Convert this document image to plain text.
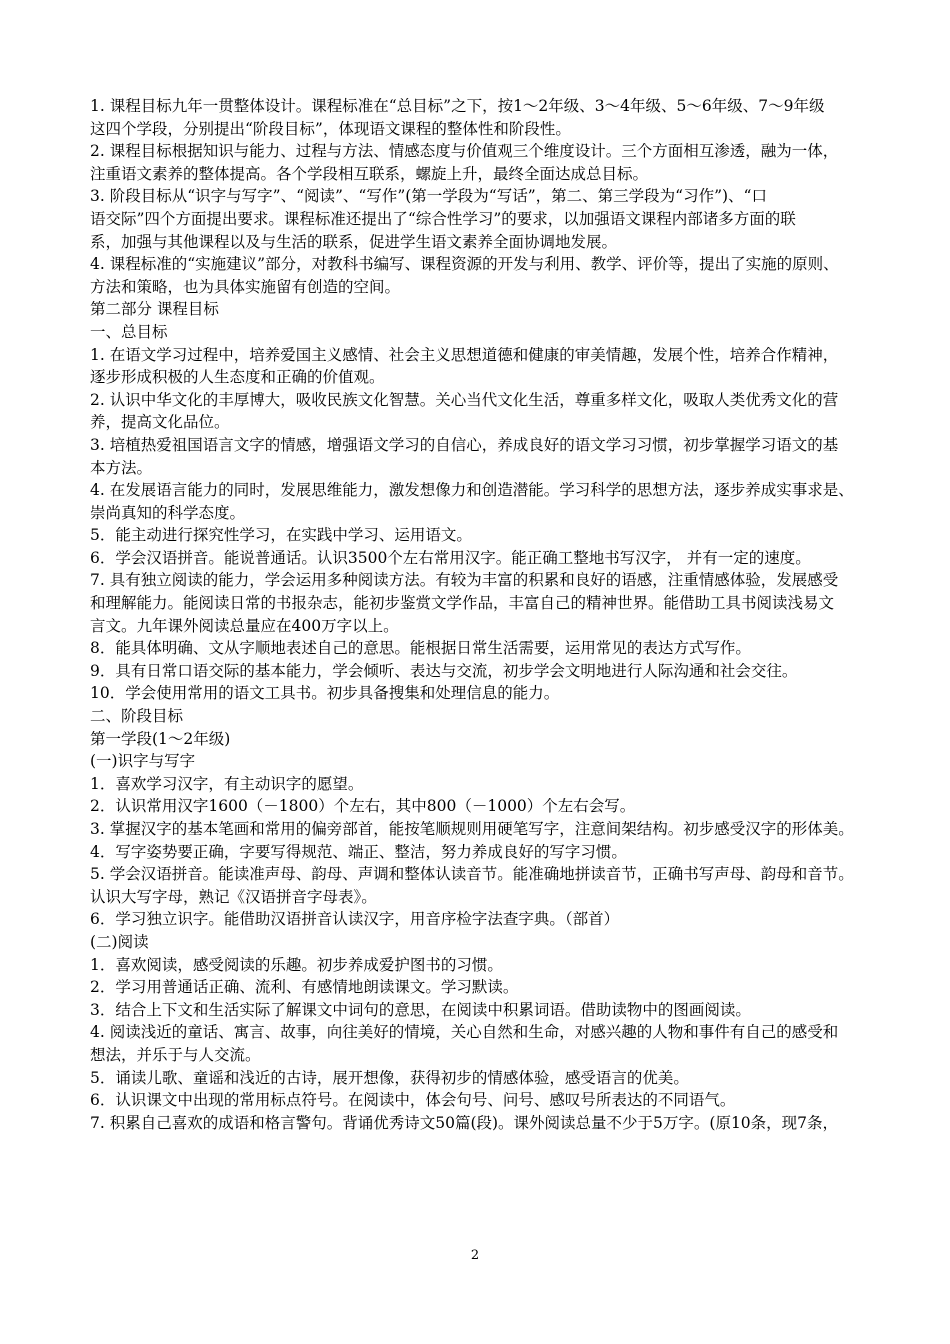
1. 课程目标九年一贯整体设计。课程标准在“总目标”之下，按1～2年级、3～4年级、5～6年级、7～9年级
这四个学段，分别提出“阶段目标”，体现语文课程的整体性和阶段性。
2. 课程目标根据知识与能力、过程与方法、情感态度与价值观三个维度设计。三个方面相互渗透，融为一体，
注重语文素养的整体提高。各个学段相互联系，螺旋上升，最终全面达成总目标。
3. 阶段目标从“识字与写字”、“阅读”、“写作”(第一学段为“写话”，第二、第三学段为“习作”)、“口
语交际”四个方面提出要求。课程标准还提出了“综合性学习”的要求，以加强语文课程内部诸多方面的联
系，加强与其他课程以及与生活的联系，促进学生语文素养全面协调地发展。
4. 课程标准的“实施建议”部分，对教科书编写、课程资源的开发与利用、教学、评价等，提出了实施的原则、
方法和策略，也为具体实施留有创造的空间。
第二部分 课程目标
一、总目标
1. 在语文学习过程中，培养爱国主义感情、社会主义思想道德和健康的审美情趣，发展个性，培养合作精神，
逐步形成积极的人生态度和正确的价值观。
2. 认识中华文化的丰厚博大，吸收民族文化智慧。关心当代文化生活，尊重多样文化，吸取人类优秀文化的营
养，提高文化品位。
3. 培植热爱祖国语言文字的情感，增强语文学习的自信心，养成良好的语文学习习惯，初步掌握学习语文的基
本方法。
4. 在发展语言能力的同时，发展思维能力，激发想像力和创造潜能。学习科学的思想方法，逐步养成实事求是、
崇尚真知的科学态度。
5．能主动进行探究性学习，在实践中学习、运用语文。
6．学会汉语拼音。能说普通话。认识3500个左右常用汉字。能正确工整地书写汉字， 并有一定的速度。
7. 具有独立阅读的能力，学会运用多种阅读方法。有较为丰富的积累和良好的语感，注重情感体验，发展感受
和理解能力。能阅读日常的书报杂志，能初步鉴赏文学作品，丰富自己的精神世界。能借助工具书阅读浅易文
言文。九年课外阅读总量应在400万字以上。
8．能具体明确、文从字顺地表述自己的意思。能根据日常生活需要，运用常见的表达方式写作。
9．具有日常口语交际的基本能力，学会倾听、表达与交流，初步学会文明地进行人际沟通和社会交往。
10．学会使用常用的语文工具书。初步具备搜集和处理信息的能力。
二、阶段目标
第一学段(1～2年级)
(一)识字与写字
1．喜欢学习汉字，有主动识字的愿望。
2．认识常用汉字1600（－1800）个左右，其中800（－1000）个左右会写。
3. 掌握汉字的基本笔画和常用的偏旁部首，能按笔顺规则用硬笔写字，注意间架结构。初步感受汉字的形体美。
4．写字姿势要正确，字要写得规范、端正、整洁，努力养成良好的写字习惯。
5. 学会汉语拼音。能读准声母、韵母、声调和整体认读音节。能准确地拼读音节，正确书写声母、韵母和音节。
认识大写字母，熟记《汉语拼音字母表》。
6．学习独立识字。能借助汉语拼音认读汉字，用音序检字法查字典。（部首）
(二)阅读
1．喜欢阅读，感受阅读的乐趣。初步养成爱护图书的习惯。
2．学习用普通话正确、流利、有感情地朗读课文。学习默读。
3．结合上下文和生活实际了解课文中词句的意思，在阅读中积累词语。借助读物中的图画阅读。
4. 阅读浅近的童话、寓言、故事，向往美好的情境，关心自然和生命，对感兴趣的人物和事件有自己的感受和
想法，并乐于与人交流。
5．诵读儿歌、童谣和浅近的古诗，展开想像，获得初步的情感体验，感受语言的优美。
6．认识课文中出现的常用标点符号。在阅读中，体会句号、问号、感叹号所表达的不同语气。
7. 积累自己喜欢的成语和格言警句。背诵优秀诗文50篇(段)。课外阅读总量不少于5万字。(原10条，现7条，
2
